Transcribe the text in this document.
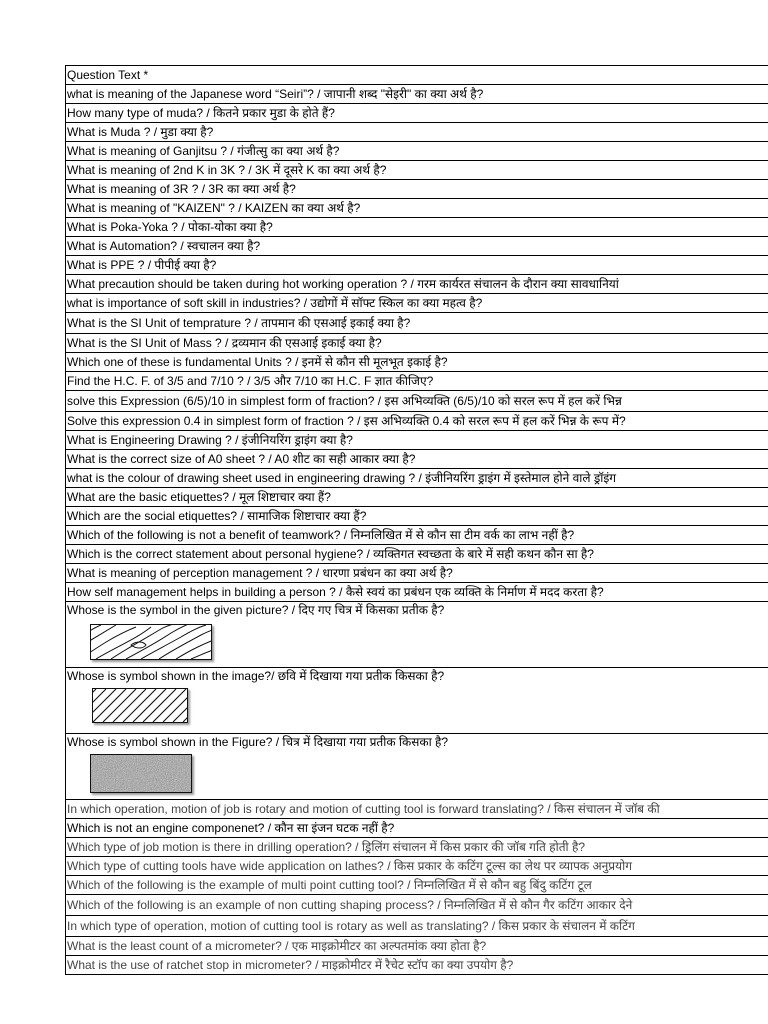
Question Text *
what is meaning of the Japanese word “Seiri”? / जापानी शब्द "सेइरी" का क्या अर्थ है?
How many type of muda? / कितने प्रकार मुडा के होते हैं?
What is Muda ? / मुडा क्या है?
What is meaning of Ganjitsu ? / गंजीत्सु का क्या अर्थ है?
What is meaning of 2nd K in 3K ? / 3K में दूसरे K का क्या अर्थ है?
What is meaning of 3R ? / 3R का क्या अर्थ है?
What is meaning of "KAIZEN" ? / KAIZEN का क्या अर्थ है?
What is Poka-Yoka ? / पोका-योका क्या है?
What is Automation? / स्वचालन क्या है?
What is PPE ? / पीपीई क्या है?
What precaution should be taken during hot working operation ? / गरम कार्यरत संचालन के दौरान क्या सावधानियां
what is importance of soft skill in industries? / उद्योगों में सॉफ्ट स्किल का क्या महत्व है?
What is the SI Unit of temprature ? / तापमान की एसआई इकाई क्या है?
What is the SI Unit of Mass ? / द्रव्यमान की एसआई इकाई क्या है?
Which one of these is fundamental Units ? / इनमें से कौन सी मूलभूत इकाई है?
Find the H.C. F. of 3/5 and 7/10 ? / 3/5 और 7/10 का H.C. F ज्ञात कीजिए?
solve this Expression (6/5)/10 in simplest form of fraction? / इस अभिव्यक्ति (6/5)/10 को सरल रूप में हल करें भिन्न
Solve this expression 0.4 in simplest form of fraction ? / इस अभिव्यक्ति 0.4 को सरल रूप में हल करें भिन्न के रूप में?
What is Engineering Drawing ? / इंजीनियरिंग ड्राइंग क्या है?
What is the correct size of A0 sheet ? / A0 शीट का सही आकार क्या है?
what is the colour of drawing sheet used in engineering drawing ? / इंजीनियरिंग ड्राइंग में इस्तेमाल होने वाले ड्रॉइंग
What are the basic etiquettes? / मूल शिष्टाचार क्या हैं?
Which are the social etiquettes? / सामाजिक शिष्टाचार क्या हैं?
Which of the following is not a benefit of teamwork? / निम्नलिखित में से कौन सा टीम वर्क का लाभ नहीं है?
Which is the correct statement about personal hygiene? / व्यक्तिगत स्वच्छता के बारे में सही कथन कौन सा है?
What is meaning of perception management ? / धारणा प्रबंधन का क्या अर्थ है?
How self management helps in building a person ? / कैसे स्वयं का प्रबंधन एक व्यक्ति के निर्माण में मदद करता है?
Whose is the symbol in the given picture? / दिए गए चित्र में किसका प्रतीक है?
Whose is symbol shown in the image?/ छवि में दिखाया गया प्रतीक किसका है?
Whose is symbol shown in the Figure? / चित्र में दिखाया गया प्रतीक किसका है?
In which operation, motion of job is rotary and motion of cutting tool is forward translating? / किस संचालन में जॉब की
Which is not an engine componenet? / कौन सा इंजन घटक नहीं है?
Which type of job motion is there in drilling operation? / ड्रिलिंग संचालन में किस प्रकार की जॉब गति होती है?
Which type of cutting tools have wide application on lathes? / किस प्रकार के कटिंग टूल्स का लेथ पर व्यापक अनुप्रयोग
Which of the following is the example of multi point cutting tool? / निम्नलिखित में से कौन बहु बिंदु कटिंग टूल
Which of the following is an example of non cutting shaping process? / निम्नलिखित में से कौन गैर कटिंग आकार देने
In which type of operation, motion of cutting tool is rotary as well as translating? / किस प्रकार के संचालन में कटिंग
What is the least count of a micrometer? / एक माइक्रोमीटर का अल्पतमांक क्या होता है?
What is the use of ratchet stop in micrometer? / माइक्रोमीटर में रैचेट स्टॉप का क्या उपयोग है?
